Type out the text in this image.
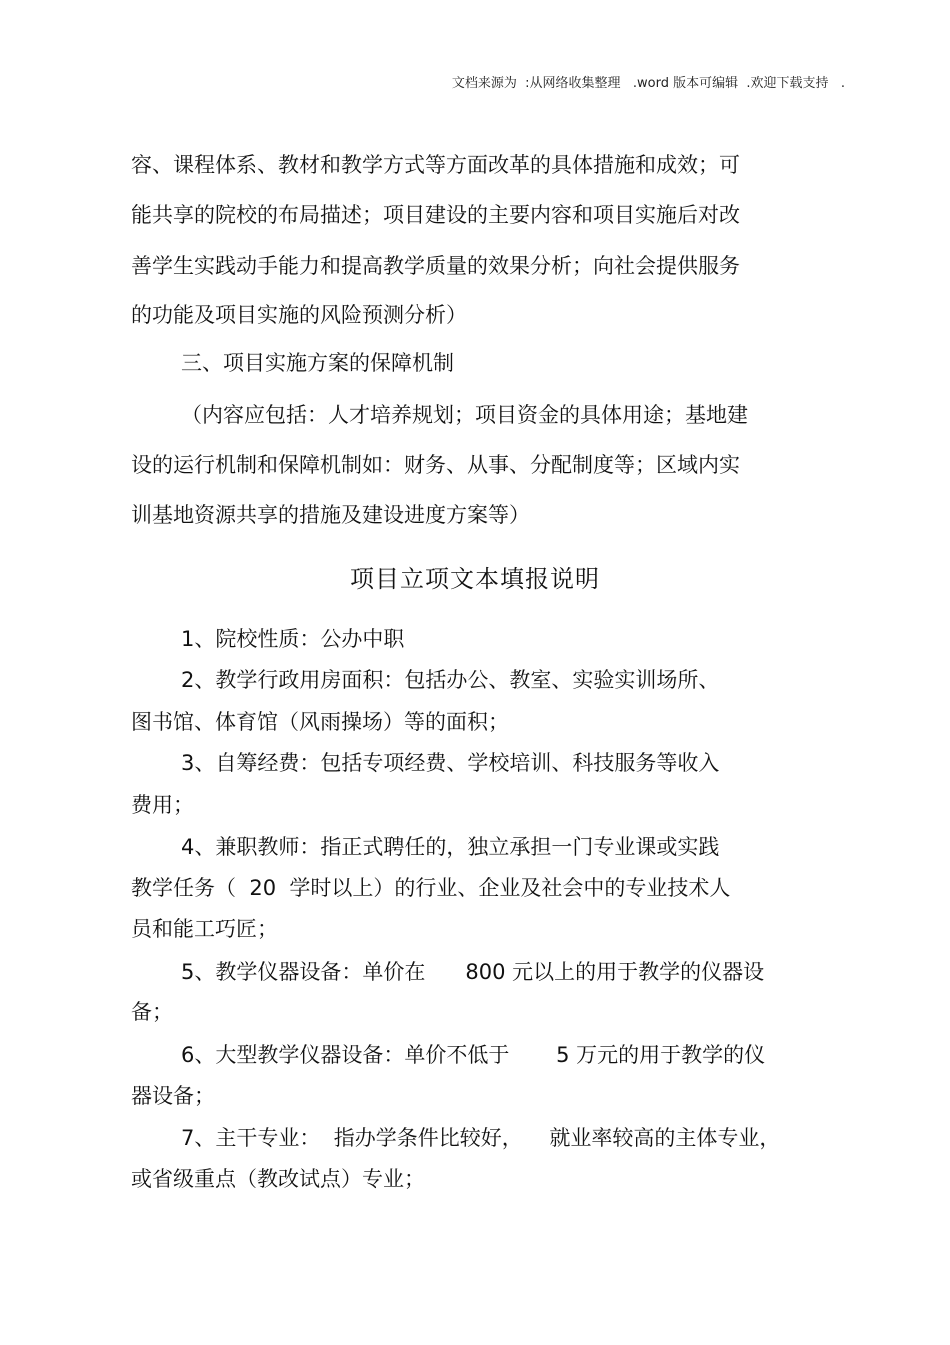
文档来源为  :从网络收集整理   .word 版本可编辑  .欢迎下载支持   .
容、课程体系、教材和教学方式等方面改革的具体措施和成效；可
能共享的院校的布局描述；项目建设的主要内容和项目实施后对改
善学生实践动手能力和提高教学质量的效果分析；向社会提供服务
的功能及项目实施的风险预测分析）
三、项目实施方案的保障机制
（内容应包括：人才培养规划；项目资金的具体用途；基地建
设的运行机制和保障机制如：财务、从事、分配制度等；区域内实
训基地资源共享的措施及建设进度方案等）
项目立项文本填报说明
1、院校性质：公办中职
2、教学行政用房面积：包括办公、教室、实验实训场所、
图书馆、体育馆（风雨操场）等的面积；
3、自筹经费：包括专项经费、学校培训、科技服务等收入
费用；
4、兼职教师：指正式聘任的，独立承担一门专业课或实践
教学任务（  20  学时以上）的行业、企业及社会中的专业技术人
员和能工巧匠；
5、教学仪器设备：单价在      800 元以上的用于教学的仪器设
备；
6、大型教学仪器设备：单价不低于       5 万元的用于教学的仪
器设备；
7、主干专业：  指办学条件比较好，    就业率较高的主体专业，
或省级重点（教改试点）专业；
